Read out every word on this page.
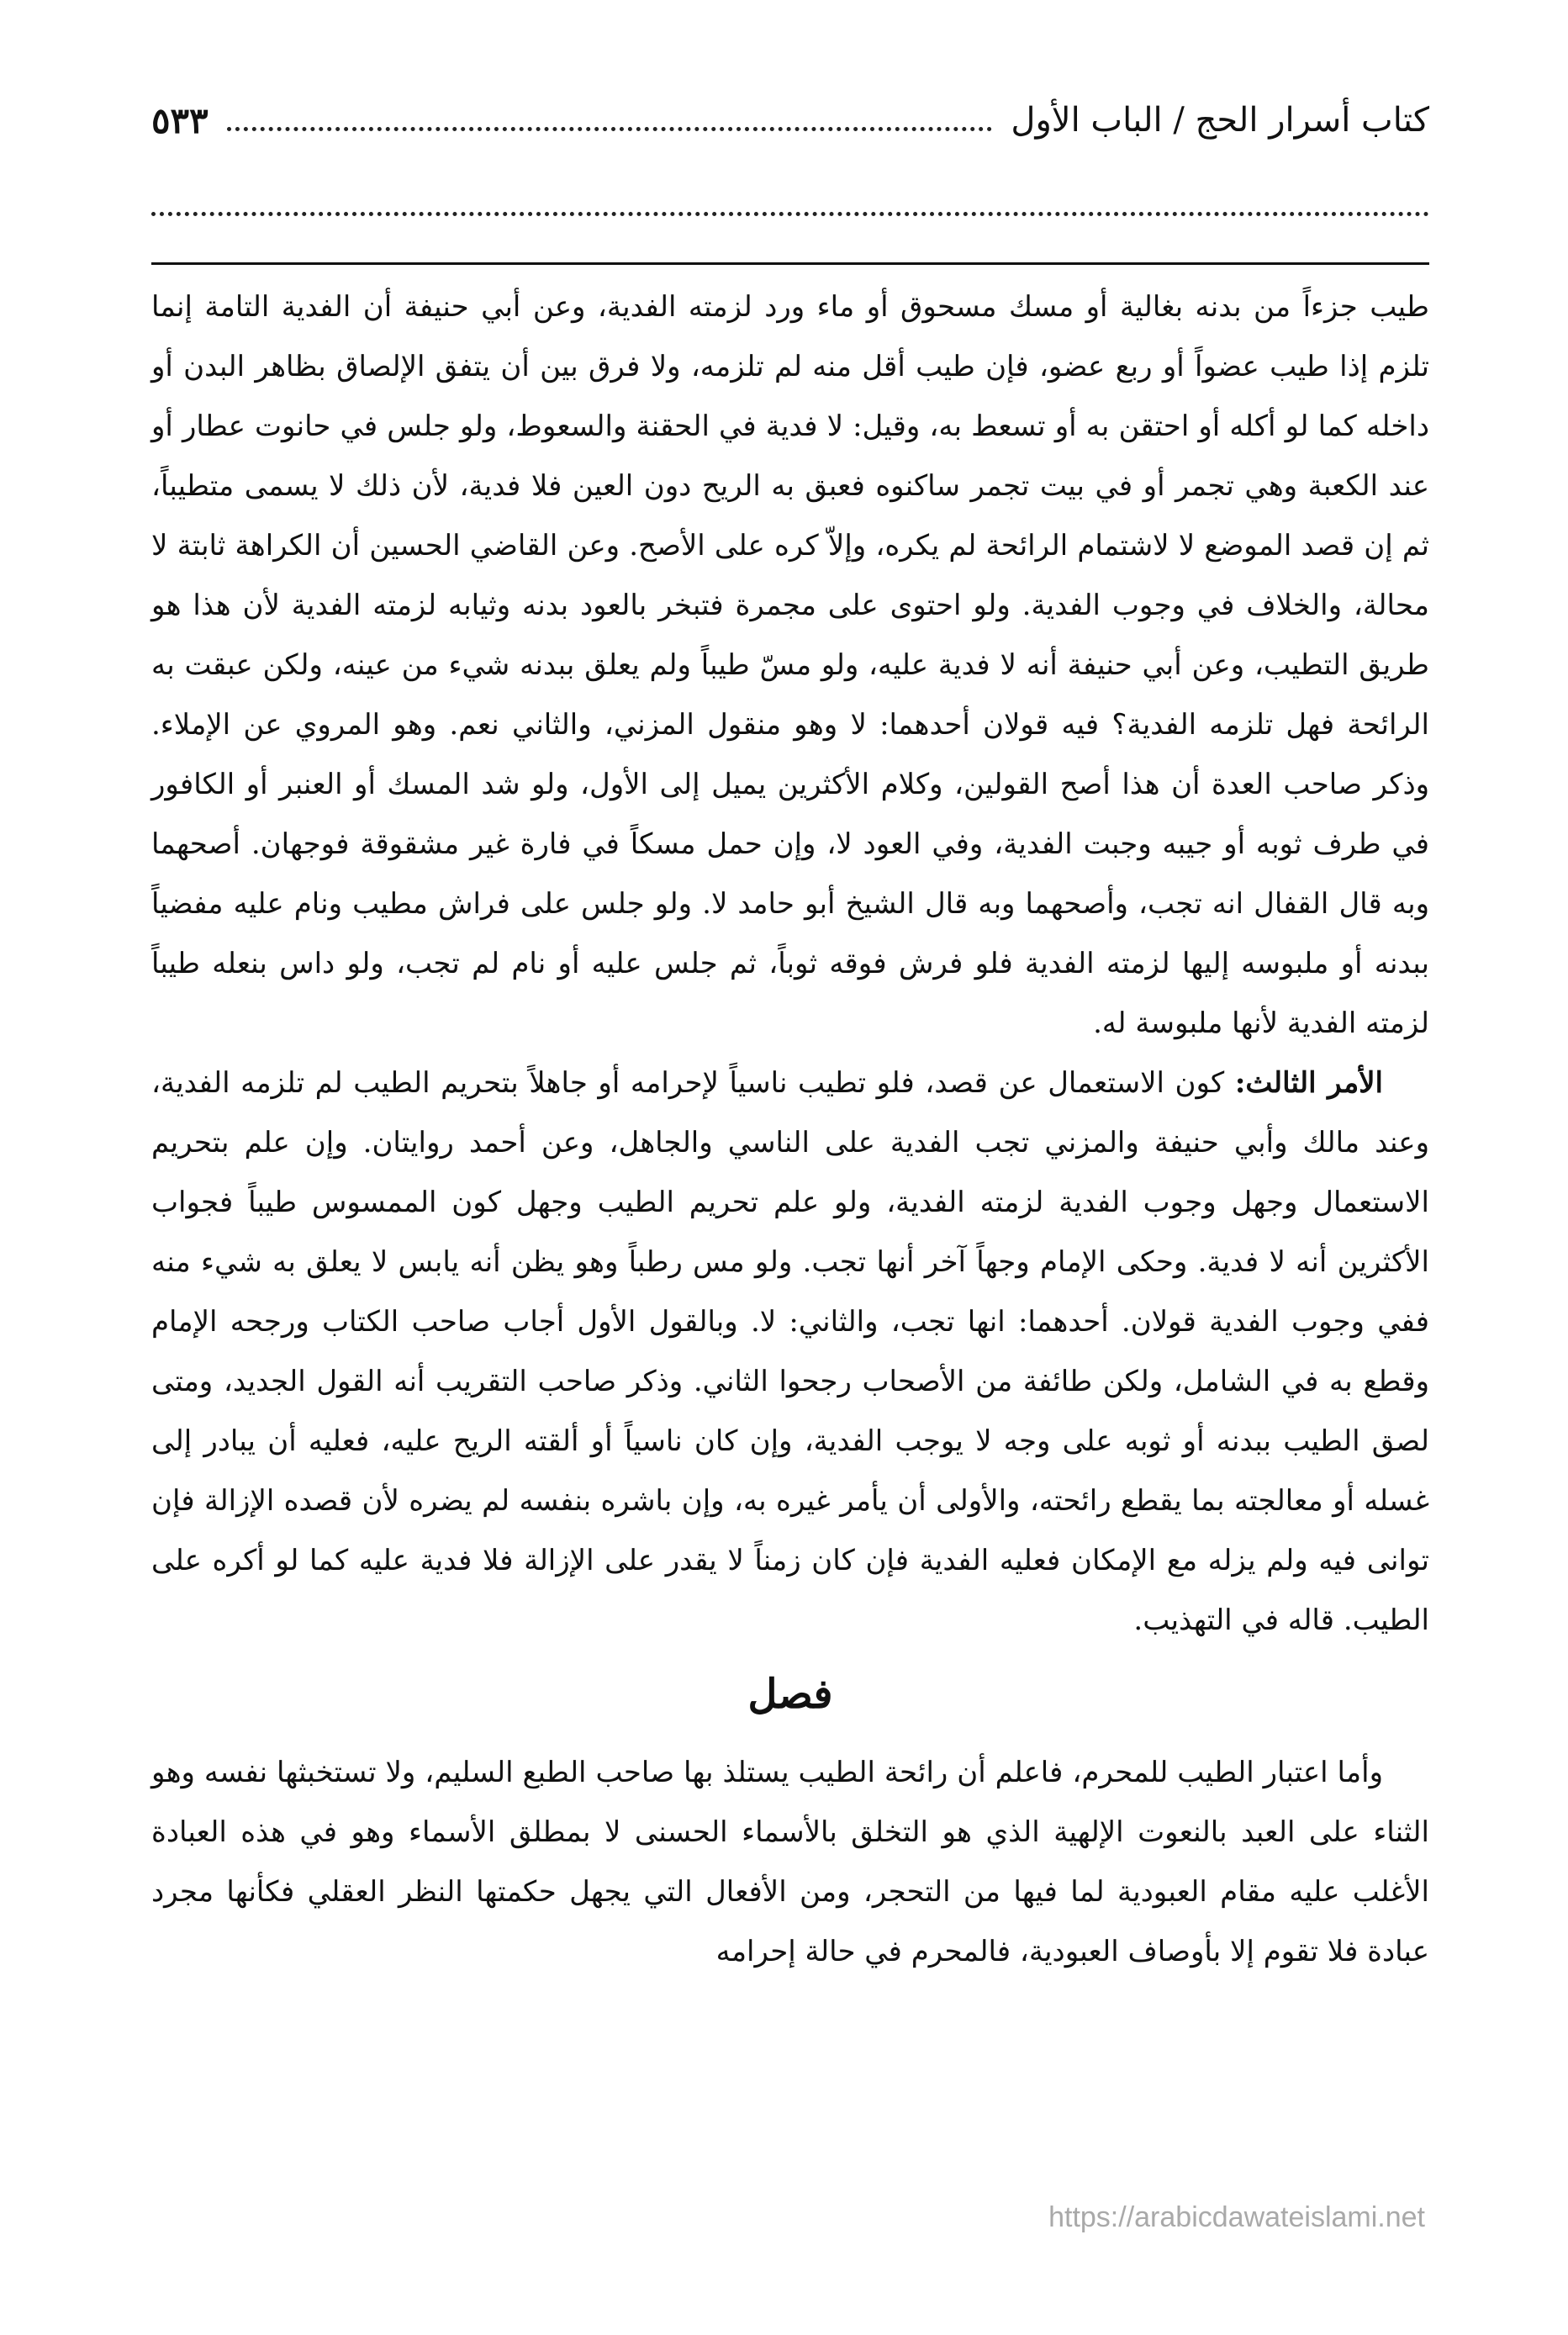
كتاب أسرار الحج / الباب الأول
٥٣٣

طيب جزءاً من بدنه بغالية أو مسك مسحوق أو ماء ورد لزمته الفدية، وعن أبي حنيفة أن الفدية التامة إنما تلزم إذا طيب عضواً أو ربع عضو، فإن طيب أقل منه لم تلزمه، ولا فرق بين أن يتفق الإلصاق بظاهر البدن أو داخله كما لو أكله أو احتقن به أو تسعط به، وقيل: لا فدية في الحقنة والسعوط، ولو جلس في حانوت عطار أو عند الكعبة وهي تجمر أو في بيت تجمر ساكنوه فعبق به الريح دون العين فلا فدية، لأن ذلك لا يسمى متطيباً، ثم إن قصد الموضع لا لاشتمام الرائحة لم يكره، وإلاّ كره على الأصح. وعن القاضي الحسين أن الكراهة ثابتة لا محالة، والخلاف في وجوب الفدية. ولو احتوى على مجمرة فتبخر بالعود بدنه وثيابه لزمته الفدية لأن هذا هو طريق التطيب، وعن أبي حنيفة أنه لا فدية عليه، ولو مسّ طيباً ولم يعلق ببدنه شيء من عينه، ولكن عبقت به الرائحة فهل تلزمه الفدية؟ فيه قولان أحدهما: لا وهو منقول المزني، والثاني نعم. وهو المروي عن الإملاء. وذكر صاحب العدة أن هذا أصح القولين، وكلام الأكثرين يميل إلى الأول، ولو شد المسك أو العنبر أو الكافور في طرف ثوبه أو جيبه وجبت الفدية، وفي العود لا، وإن حمل مسكاً في فارة غير مشقوقة فوجهان. أصحهما وبه قال القفال انه تجب، وأصحهما وبه قال الشيخ أبو حامد لا. ولو جلس على فراش مطيب ونام عليه مفضياً ببدنه أو ملبوسه إليها لزمته الفدية فلو فرش فوقه ثوباً، ثم جلس عليه أو نام لم تجب، ولو داس بنعله طيباً لزمته الفدية لأنها ملبوسة له.

الأمر الثالث: كون الاستعمال عن قصد، فلو تطيب ناسياً لإحرامه أو جاهلاً بتحريم الطيب لم تلزمه الفدية، وعند مالك وأبي حنيفة والمزني تجب الفدية على الناسي والجاهل، وعن أحمد روايتان. وإن علم بتحريم الاستعمال وجهل وجوب الفدية لزمته الفدية، ولو علم تحريم الطيب وجهل كون الممسوس طيباً فجواب الأكثرين أنه لا فدية. وحكى الإمام وجهاً آخر أنها تجب. ولو مس رطباً وهو يظن أنه يابس لا يعلق به شيء منه ففي وجوب الفدية قولان. أحدهما: انها تجب، والثاني: لا. وبالقول الأول أجاب صاحب الكتاب ورجحه الإمام وقطع به في الشامل، ولكن طائفة من الأصحاب رجحوا الثاني. وذكر صاحب التقريب أنه القول الجديد، ومتى لصق الطيب ببدنه أو ثوبه على وجه لا يوجب الفدية، وإن كان ناسياً أو ألقته الريح عليه، فعليه أن يبادر إلى غسله أو معالجته بما يقطع رائحته، والأولى أن يأمر غيره به، وإن باشره بنفسه لم يضره لأن قصده الإزالة فإن توانى فيه ولم يزله مع الإمكان فعليه الفدية فإن كان زمناً لا يقدر على الإزالة فلا فدية عليه كما لو أكره على الطيب. قاله في التهذيب.

فصل

وأما اعتبار الطيب للمحرم، فاعلم أن رائحة الطيب يستلذ بها صاحب الطبع السليم، ولا تستخبثها نفسه وهو الثناء على العبد بالنعوت الإلهية الذي هو التخلق بالأسماء الحسنى لا بمطلق الأسماء وهو في هذه العبادة الأغلب عليه مقام العبودية لما فيها من التحجر، ومن الأفعال التي يجهل حكمتها النظر العقلي فكأنها مجرد عبادة فلا تقوم إلا بأوصاف العبودية، فالمحرم في حالة إحرامه

https://arabicdawateislami.net
